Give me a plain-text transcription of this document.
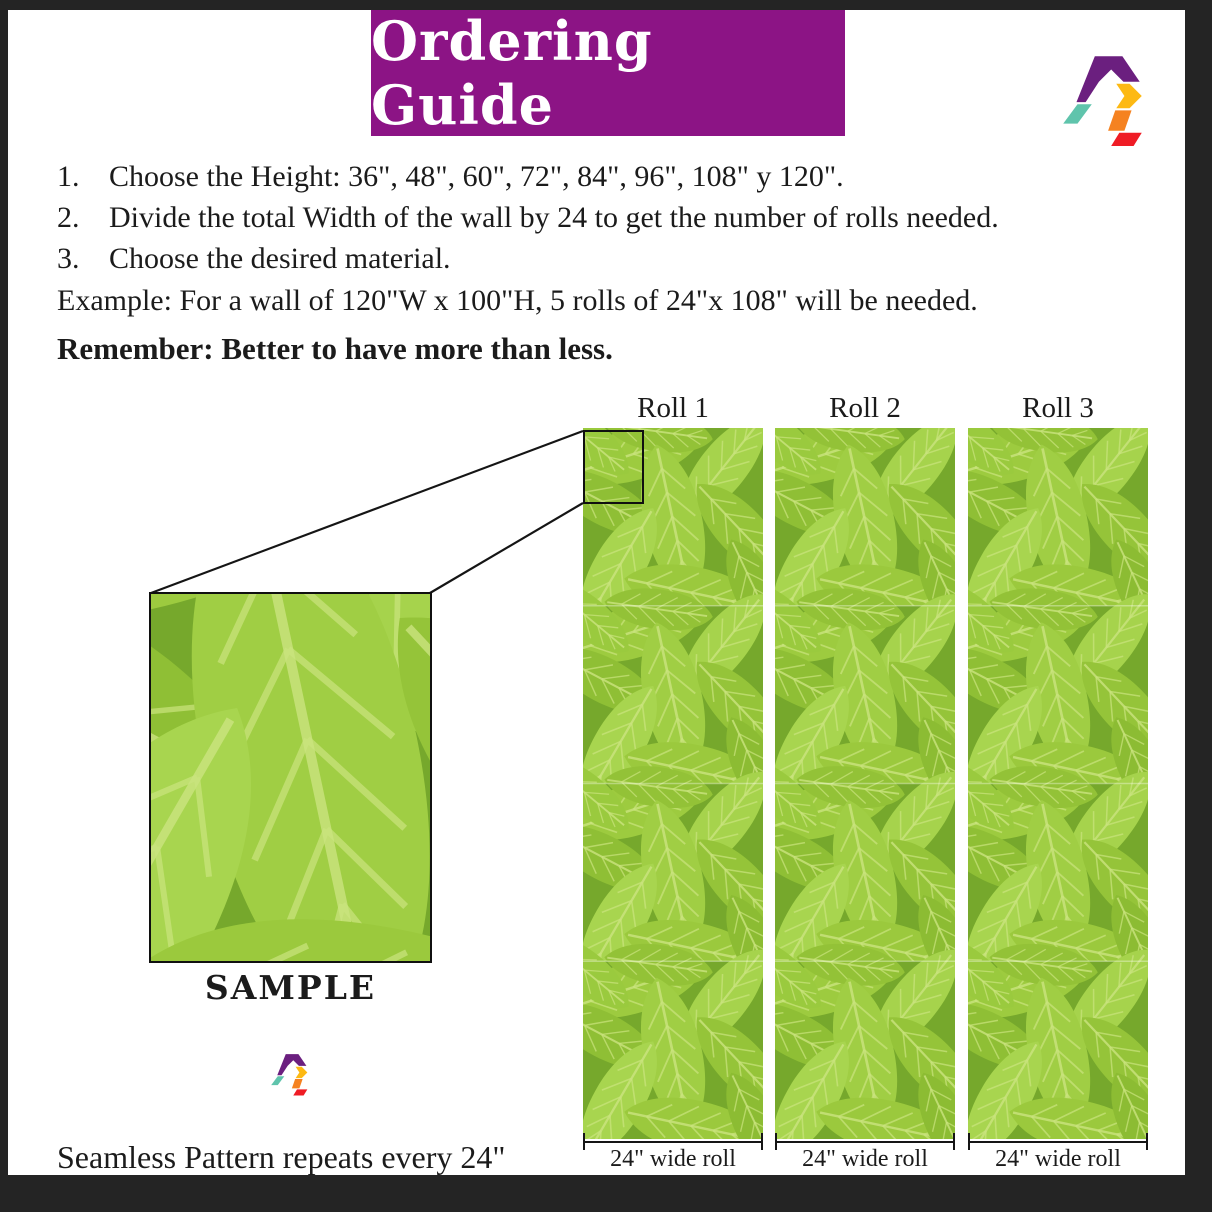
Ordering Guide
1. Choose the Height: 36", 48", 60", 72", 84", 96", 108" y 120".
2. Divide the total Width of the wall by 24 to get the number of rolls needed.
3. Choose the desired material.
Example: For a wall of 120"W x 100"H, 5 rolls of 24"x 108" will be needed.
Remember: Better to have more than less.
Roll 1	Roll 2	Roll 3
SAMPLE
Seamless Pattern repeats every 24"	24" wide roll	24" wide roll	24" wide roll
